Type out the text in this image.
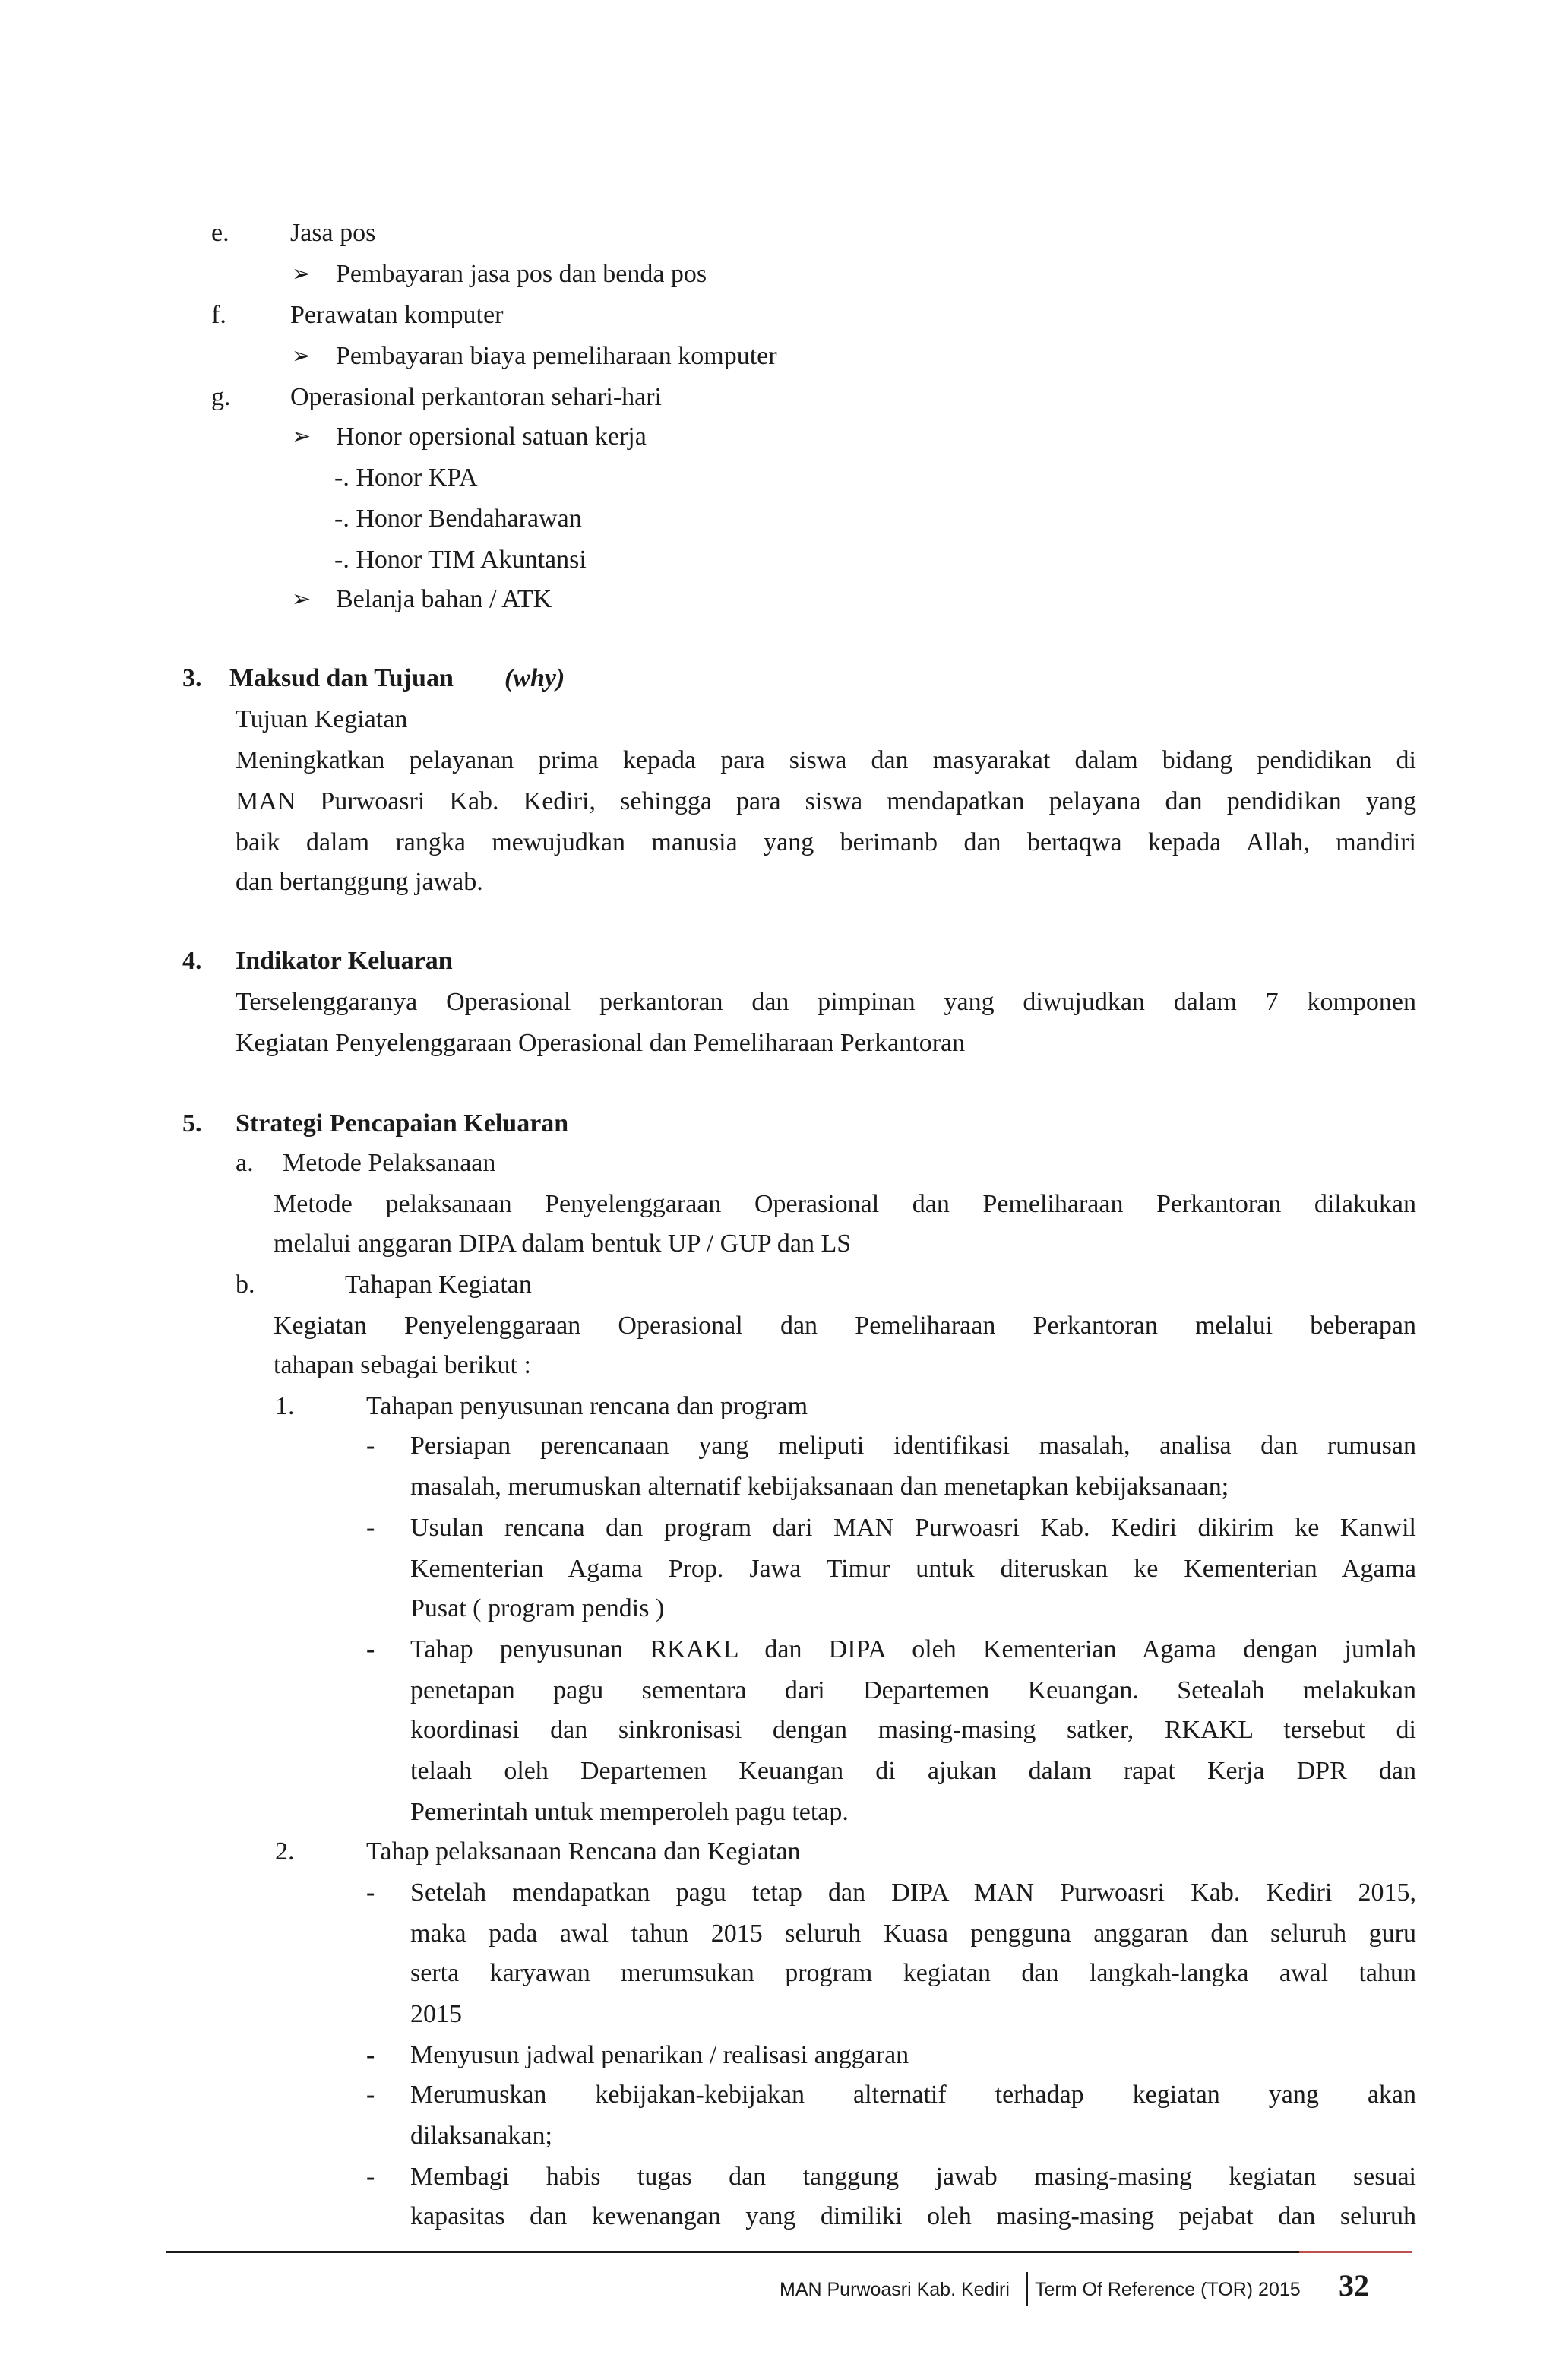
e. Jasa pos
➢ Pembayaran jasa pos dan benda pos
f. Perawatan komputer
➢ Pembayaran biaya pemeliharaan komputer
g. Operasional perkantoran sehari-hari
➢ Honor opersional satuan kerja
-. Honor KPA
-. Honor Bendaharawan
-. Honor TIM Akuntansi
➢ Belanja bahan / ATK
3. Maksud dan Tujuan (why)
Tujuan Kegiatan
Meningkatkan pelayanan prima kepada para siswa dan masyarakat dalam bidang pendidikan di
MAN Purwoasri Kab. Kediri, sehingga para siswa mendapatkan pelayana dan pendidikan yang
baik dalam rangka mewujudkan manusia yang berimanb dan bertaqwa kepada Allah, mandiri
dan bertanggung jawab.
4. Indikator Keluaran
Terselenggaranya Operasional perkantoran dan pimpinan yang diwujudkan dalam 7 komponen
Kegiatan Penyelenggaraan Operasional dan Pemeliharaan Perkantoran
5. Strategi Pencapaian Keluaran
a. Metode Pelaksanaan
Metode pelaksanaan Penyelenggaraan Operasional dan Pemeliharaan Perkantoran dilakukan
melalui anggaran DIPA dalam bentuk UP / GUP dan LS
b.	Tahapan Kegiatan
Kegiatan Penyelenggaraan Operasional dan Pemeliharaan Perkantoran melalui beberapan
tahapan sebagai berikut :
1.	Tahapan penyusunan rencana dan program
- Persiapan perencanaan yang meliputi identifikasi masalah, analisa dan rumusan
masalah, merumuskan alternatif kebijaksanaan dan menetapkan kebijaksanaan;
- Usulan rencana dan program dari MAN Purwoasri Kab. Kediri dikirim ke Kanwil
Kementerian Agama Prop. Jawa Timur untuk diteruskan ke Kementerian Agama
Pusat ( program pendis )
- Tahap penyusunan RKAKL dan DIPA oleh Kementerian Agama dengan jumlah
penetapan pagu sementara dari Departemen Keuangan. Setealah melakukan
koordinasi dan sinkronisasi dengan masing-masing satker, RKAKL tersebut di
telaah oleh Departemen Keuangan di ajukan dalam rapat Kerja DPR dan
Pemerintah untuk memperoleh pagu tetap.
2.	Tahap pelaksanaan Rencana dan Kegiatan
- Setelah mendapatkan pagu tetap dan DIPA MAN Purwoasri Kab. Kediri 2015,
maka pada awal tahun 2015 seluruh Kuasa pengguna anggaran dan seluruh guru
serta karyawan merumsukan program kegiatan dan langkah-langka awal tahun
2015
- Menyusun jadwal penarikan / realisasi anggaran
- Merumuskan kebijakan-kebijakan alternatif terhadap kegiatan yang akan
dilaksanakan;
- Membagi habis tugas dan tanggung jawab masing-masing kegiatan sesuai
kapasitas dan kewenangan yang dimiliki oleh masing-masing pejabat dan seluruh
MAN Purwoasri Kab. Kediri Term Of Reference (TOR) 2015 32
